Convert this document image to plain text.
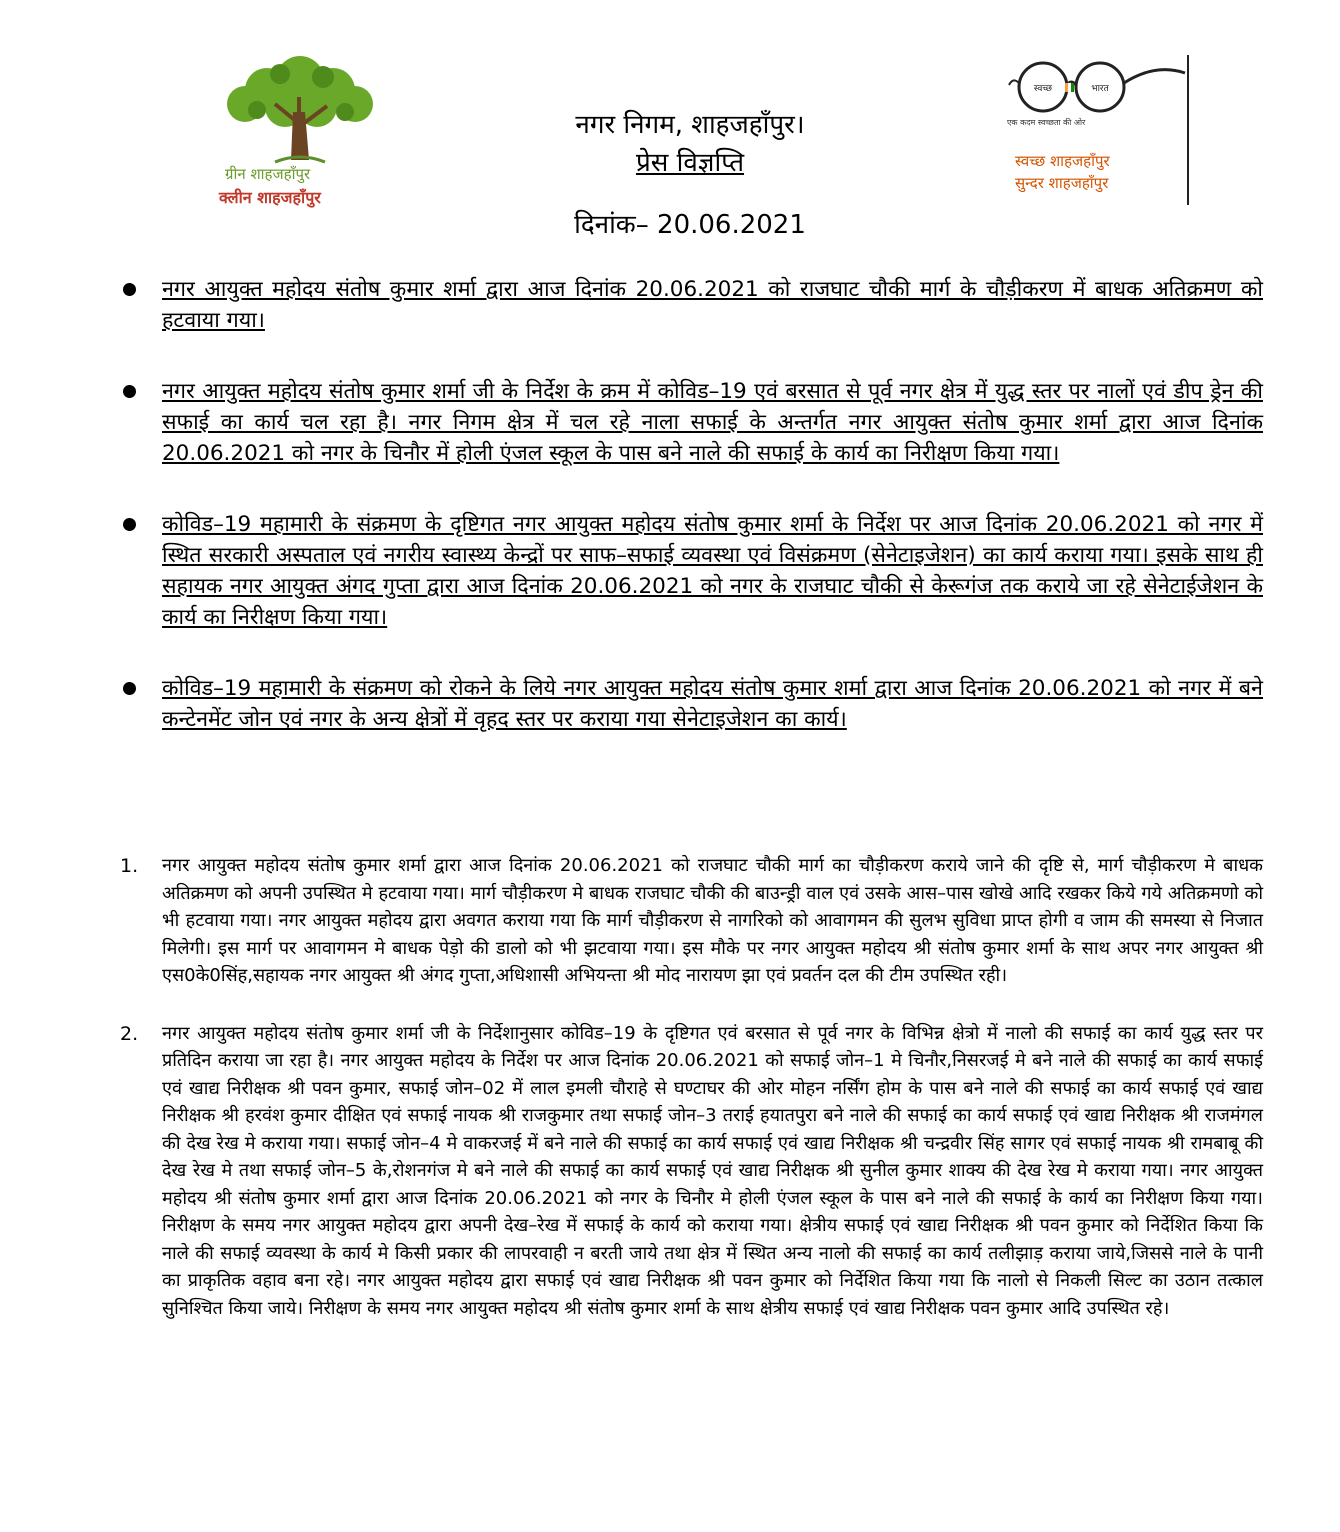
ग्रीन शाहजहाँपुर
क्लीन शाहजहाँपुर
नगर निगम, शाहजहाँपुर।
प्रेस विज्ञप्ति
दिनांक– 20.06.2021
स्वच्छ	भारत
एक कदम स्वच्छता की ओर
स्वच्छ शाहजहाँपुर
सुन्दर शाहजहाँपुर
नगर आयुक्त महोदय संतोष कुमार शर्मा द्वारा आज दिनांक 20.06.2021 को राजघाट चौकी मार्ग के चौड़ीकरण में बाधक अतिक्रमण को हटवाया गया।
नगर आयुक्त महोदय संतोष कुमार शर्मा जी के निर्देश के क्रम में कोविड–19 एवं बरसात से पूर्व नगर क्षेत्र में युद्ध स्तर पर नालों एवं डीप ड्रेन की सफाई का कार्य चल रहा है। नगर निगम क्षेत्र में चल रहे नाला सफाई के अन्तर्गत नगर आयुक्त संतोष कुमार शर्मा द्वारा आज दिनांक 20.06.2021 को नगर के चिनौर में होली एंजल स्कूल के पास बने नाले की सफाई के कार्य का निरीक्षण किया गया।
कोविड–19 महामारी के संक्रमण के दृष्टिगत नगर आयुक्त महोदय संतोष कुमार शर्मा के निर्देश पर आज दिनांक 20.06.2021 को नगर में स्थित सरकारी अस्पताल एवं नगरीय स्वास्थ्य केन्द्रों पर साफ–सफाई व्यवस्था एवं विसंक्रमण (सेनेटाइजेशन) का कार्य कराया गया। इसके साथ ही सहायक नगर आयुक्त अंगद गुप्ता द्वारा आज दिनांक 20.06.2021 को नगर के राजघाट चौकी से केरूगंज तक कराये जा रहे सेनेटाईजेशन के कार्य का निरीक्षण किया गया।
कोविड–19 महामारी के संक्रमण को रोकने के लिये नगर आयुक्त महोदय संतोष कुमार शर्मा द्वारा आज दिनांक 20.06.2021 को नगर में बने कन्टेनमेंट जोन एवं नगर के अन्य क्षेत्रों में वृहद स्तर पर कराया गया सेनेटाइजेशन का कार्य।
1. नगर आयुक्त महोदय संतोष कुमार शर्मा द्वारा आज दिनांक 20.06.2021 को राजघाट चौकी मार्ग का चौड़ीकरण कराये जाने की दृष्टि से, मार्ग चौड़ीकरण मे बाधक अतिक्रमण को अपनी उपस्थित मे हटवाया गया। मार्ग चौड़ीकरण मे बाधक राजघाट चौकी की बाउन्ड्री वाल एवं उसके आस–पास खोखे आदि रखकर किये गये अतिक्रमणो को भी हटवाया गया। नगर आयुक्त महोदय द्वारा अवगत कराया गया कि मार्ग चौड़ीकरण से नागरिको को आवागमन की सुलभ सुविधा प्राप्त होगी व जाम की समस्या से निजात मिलेगी। इस मार्ग पर आवागमन मे बाधक पेड़ो की डालो को भी झटवाया गया। इस मौके पर नगर आयुक्त महोदय श्री संतोष कुमार शर्मा के साथ अपर नगर आयुक्त श्री एस0के0सिंह,सहायक नगर आयुक्त श्री अंगद गुप्ता,अधिशासी अभियन्ता श्री मोद नारायण झा एवं प्रवर्तन दल की टीम उपस्थित रही।
2. नगर आयुक्त महोदय संतोष कुमार शर्मा जी के निर्देशानुसार कोविड–19 के दृष्टिगत एवं बरसात से पूर्व नगर के विभिन्न क्षेत्रो में नालो की सफाई का कार्य युद्ध स्तर पर प्रतिदिन कराया जा रहा है। नगर आयुक्त महोदय के निर्देश पर आज दिनांक 20.06.2021 को सफाई जोन–1 मे चिनौर,निसरजई मे बने नाले की सफाई का कार्य सफाई एवं खाद्य निरीक्षक श्री पवन कुमार, सफाई जोन–02 में लाल इमली चौराहे से घण्टाघर की ओर मोहन नर्सिंग होम के पास बने नाले की सफाई का कार्य सफाई एवं खाद्य निरीक्षक श्री हरवंश कुमार दीक्षित एवं सफाई नायक श्री राजकुमार तथा सफाई जोन–3 तराई हयातपुरा बने नाले की सफाई का कार्य सफाई एवं खाद्य निरीक्षक श्री राजमंगल की देख रेख मे कराया गया। सफाई जोन–4 मे वाकरजई में बने नाले की सफाई का कार्य सफाई एवं खाद्य निरीक्षक श्री चन्द्रवीर सिंह सागर एवं सफाई नायक श्री रामबाबू की देख रेख मे तथा सफाई जोन–5 के,रोशनगंज मे बने नाले की सफाई का कार्य सफाई एवं खाद्य निरीक्षक श्री सुनील कुमार शाक्य की देख रेख मे कराया गया। नगर आयुक्त महोदय श्री संतोष कुमार शर्मा द्वारा आज दिनांक 20.06.2021 को नगर के चिनौर मे होली एंजल स्कूल के पास बने नाले की सफाई के कार्य का निरीक्षण किया गया। निरीक्षण के समय नगर आयुक्त महोदय द्वारा अपनी देख–रेख में सफाई के कार्य को कराया गया। क्षेत्रीय सफाई एवं खाद्य निरीक्षक श्री पवन कुमार को निर्देशित किया कि नाले की सफाई व्यवस्था के कार्य मे किसी प्रकार की लापरवाही न बरती जाये तथा क्षेत्र में स्थित अन्य नालो की सफाई का कार्य तलीझाड़ कराया जाये,जिससे नाले के पानी का प्राकृतिक वहाव बना रहे। नगर आयुक्त महोदय द्वारा सफाई एवं खाद्य निरीक्षक श्री पवन कुमार को निर्देशित किया गया कि नालो से निकली सिल्ट का उठान तत्काल सुनिश्चित किया जाये। निरीक्षण के समय नगर आयुक्त महोदय श्री संतोष कुमार शर्मा के साथ क्षेत्रीय सफाई एवं खाद्य निरीक्षक पवन कुमार आदि उपस्थित रहे।
